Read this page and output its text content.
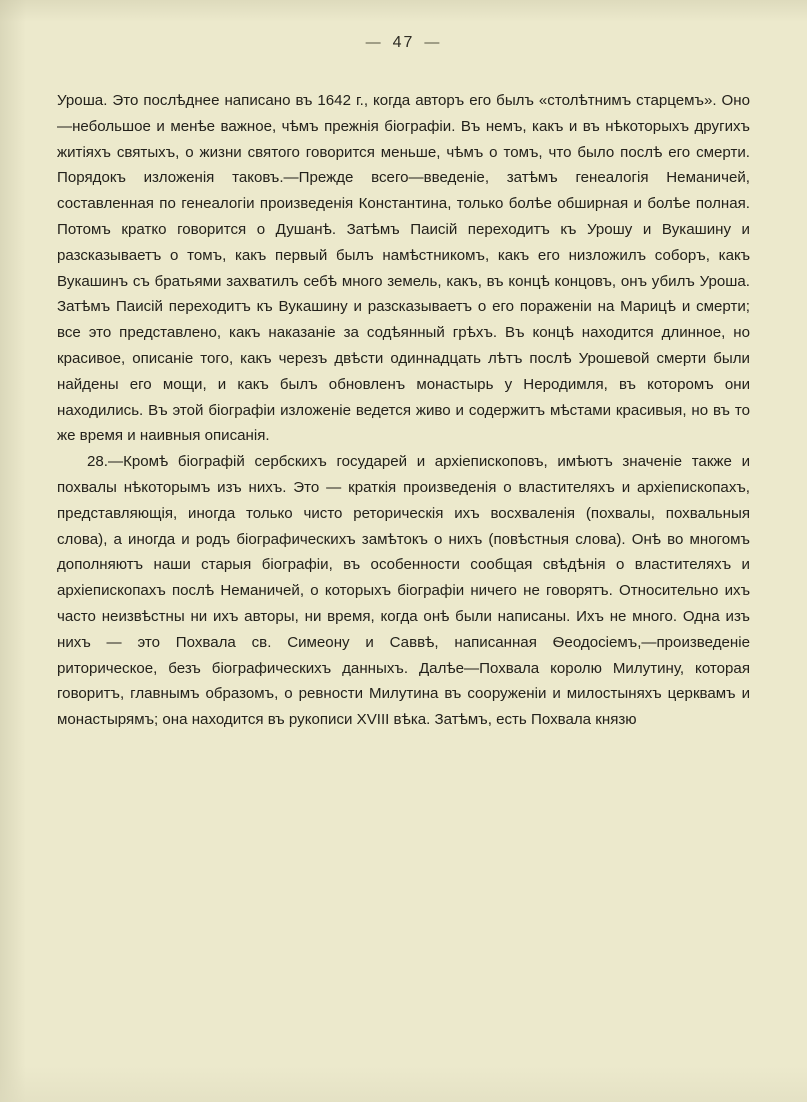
— 47 —

Уроша. Это послѣднее написано въ 1642 г., когда авторъ его былъ «столѣтнимъ старцемъ». Оно—небольшое и менѣе важное, чѣмъ прежнія біографіи. Въ немъ, какъ и въ нѣкоторыхъ другихъ житіяхъ святыхъ, о жизни святого говорится меньше, чѣмъ о томъ, что было послѣ его смерти. Порядокъ изложенія таковъ.—Прежде всего—введеніе, затѣмъ генеалогія Неманичей, составленная по генеалогіи произведенія Константина, только болѣе обширная и болѣе полная. Потомъ кратко говорится о Душанѣ. Затѣмъ Паисій переходитъ къ Урошу и Вукашину и разсказываетъ о томъ, какъ первый былъ намѣстникомъ, какъ его низложилъ соборъ, какъ Вукашинъ съ братьями захватилъ себѣ много земель, какъ, въ концѣ концовъ, онъ убилъ Уроша. Затѣмъ Паисій переходитъ къ Вукашину и разсказываетъ о его пораженіи на Марицѣ и смерти; все это представлено, какъ наказаніе за содѣянный грѣхъ. Въ концѣ находится длинное, но красивое, описаніе того, какъ черезъ двѣсти одиннадцать лѣтъ послѣ Урошевой смерти были найдены его мощи, и какъ былъ обновленъ монастырь у Неродимля, въ которомъ они находились. Въ этой біографіи изложеніе ведется живо и содержитъ мѣстами красивыя, но въ то же время и наивныя описанія.

28.—Кромѣ біографій сербскихъ государей и архіепископовъ, имѣютъ значеніе также и похвалы нѣкоторымъ изъ нихъ. Это — краткія произведенія о властителяхъ и архіепископахъ, представляющія, иногда только чисто реторическія ихъ восхваленія (похвалы, похвальныя слова), а иногда и родъ біографическихъ замѣтокъ о нихъ (повѣстныя слова). Онѣ во многомъ дополняютъ наши старыя біографіи, въ особенности сообщая свѣдѣнія о властителяхъ и архіепископахъ послѣ Неманичей, о которыхъ біографіи ничего не говорятъ. Относительно ихъ часто неизвѣстны ни ихъ авторы, ни время, когда онѣ были написаны. Ихъ не много. Одна изъ нихъ — это Похвала св. Симеону и Саввѣ, написанная Ѳеодосіемъ,—произведеніе риторическое, безъ біографическихъ данныхъ. Далѣе—Похвала королю Милутину, которая говоритъ, главнымъ образомъ, о ревности Милутина въ сооруженіи и милостыняхъ церквамъ и монастырямъ; она находится въ рукописи XVIII вѣка. Затѣмъ, есть Похвала князю
